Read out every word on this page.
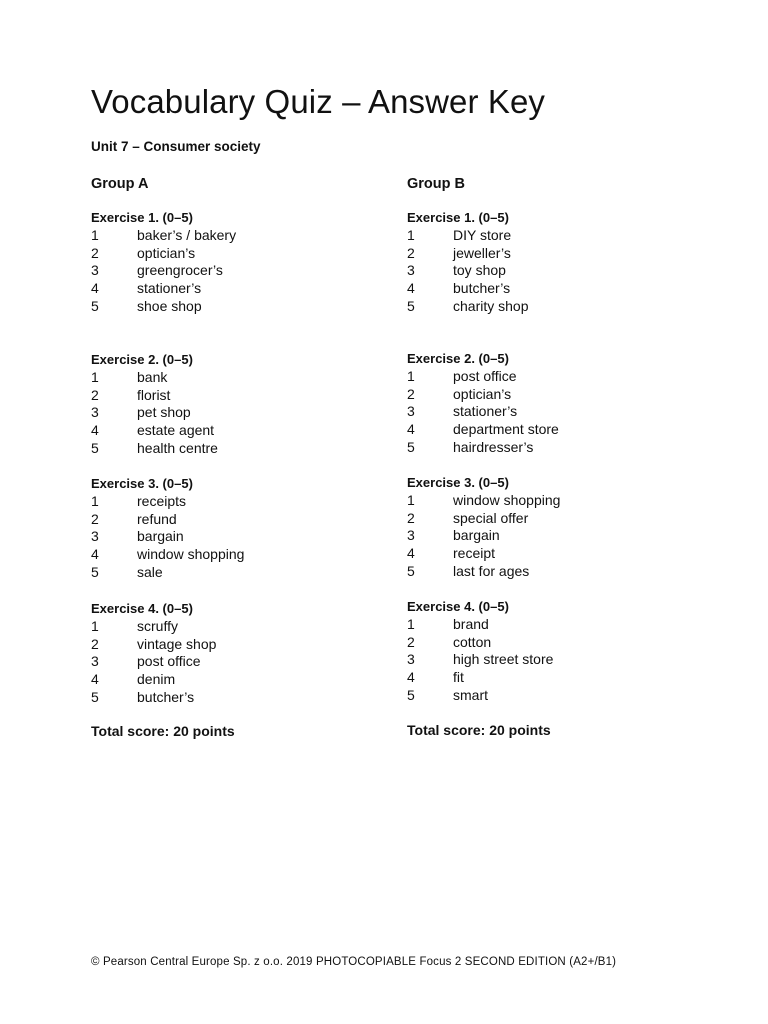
Vocabulary Quiz – Answer Key
Unit 7 – Consumer society
Group A
Exercise 1. (0–5)
1	baker’s / bakery
2	optician’s
3	greengrocer’s
4	stationer’s
5	shoe shop
Exercise 2. (0–5)
1	bank
2	florist
3	pet shop
4	estate agent
5	health centre
Exercise 3. (0–5)
1	receipts
2	refund
3	bargain
4	window shopping
5	sale
Exercise 4. (0–5)
1	scruffy
2	vintage shop
3	post office
4	denim
5	butcher’s
Total score: 20 points
Group B
Exercise 1. (0–5)
1	DIY store
2	jeweller’s
3	toy shop
4	butcher’s
5	charity shop
Exercise 2. (0–5)
1	post office
2	optician’s
3	stationer’s
4	department store
5	hairdresser’s
Exercise 3. (0–5)
1	window shopping
2	special offer
3	bargain
4	receipt
5	last for ages
Exercise 4. (0–5)
1	brand
2	cotton
3	high street store
4	fit
5	smart
Total score: 20 points
© Pearson Central Europe Sp. z o.o. 2019 PHOTOCOPIABLE Focus 2 SECOND EDITION (A2+/B1)
